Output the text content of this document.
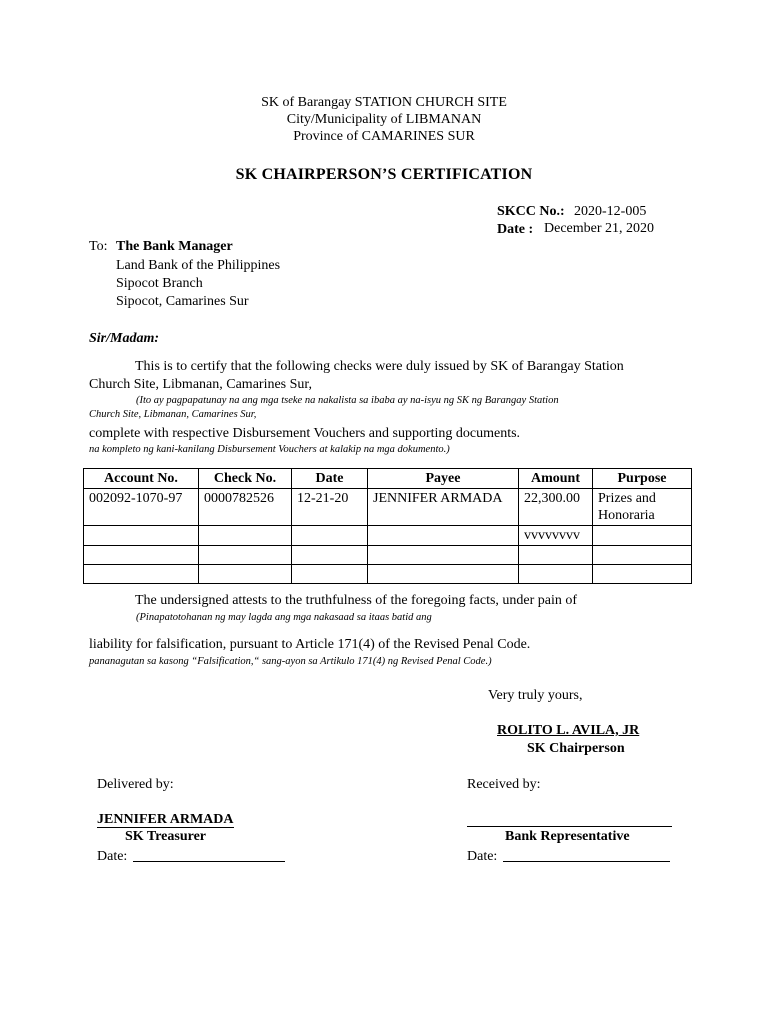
SK of Barangay STATION CHURCH SITE
City/Municipality of LIBMANAN
Province of CAMARINES SUR
SK CHAIRPERSON’S CERTIFICATION
SKCC No.: 2020-12-005
Date : December 21, 2020
To: The Bank Manager
Land Bank of the Philippines
Sipocot Branch
Sipocot, Camarines Sur
Sir/Madam:
This is to certify that the following checks were duly issued by SK of Barangay Station
Church Site, Libmanan, Camarines Sur,
(Ito ay pagpapatunay na ang mga tseke na nakalista sa ibaba ay na-isyu ng SK ng Barangay Station
Church Site, Libmanan, Camarines Sur,
complete with respective Disbursement Vouchers and supporting documents.
na kompleto ng kani-kanilang Disbursement Vouchers at kalakip na mga dokumento.)
Account No.	Check No.	Date	Payee	Amount	Purpose
002092-1070-97	0000782526	12-21-20	JENNIFER ARMADA	22,300.00	Prizes and Honoraria
				vvvvvvvv	

The undersigned attests to the truthfulness of the foregoing facts, under pain of
(Pinapatotohanan ng may lagda ang mga nakasaad sa itaas batid ang
liability for falsification, pursuant to Article 171(4) of the Revised Penal Code.
pananagutan sa kasong “Falsification,“ sang-ayon sa Artikulo 171(4) ng Revised Penal Code.)
Very truly yours,
ROLITO L. AVILA, JR
SK Chairperson
Delivered by:
JENNIFER ARMADA
SK Treasurer
Date:
Received by:
Bank Representative
Date:
